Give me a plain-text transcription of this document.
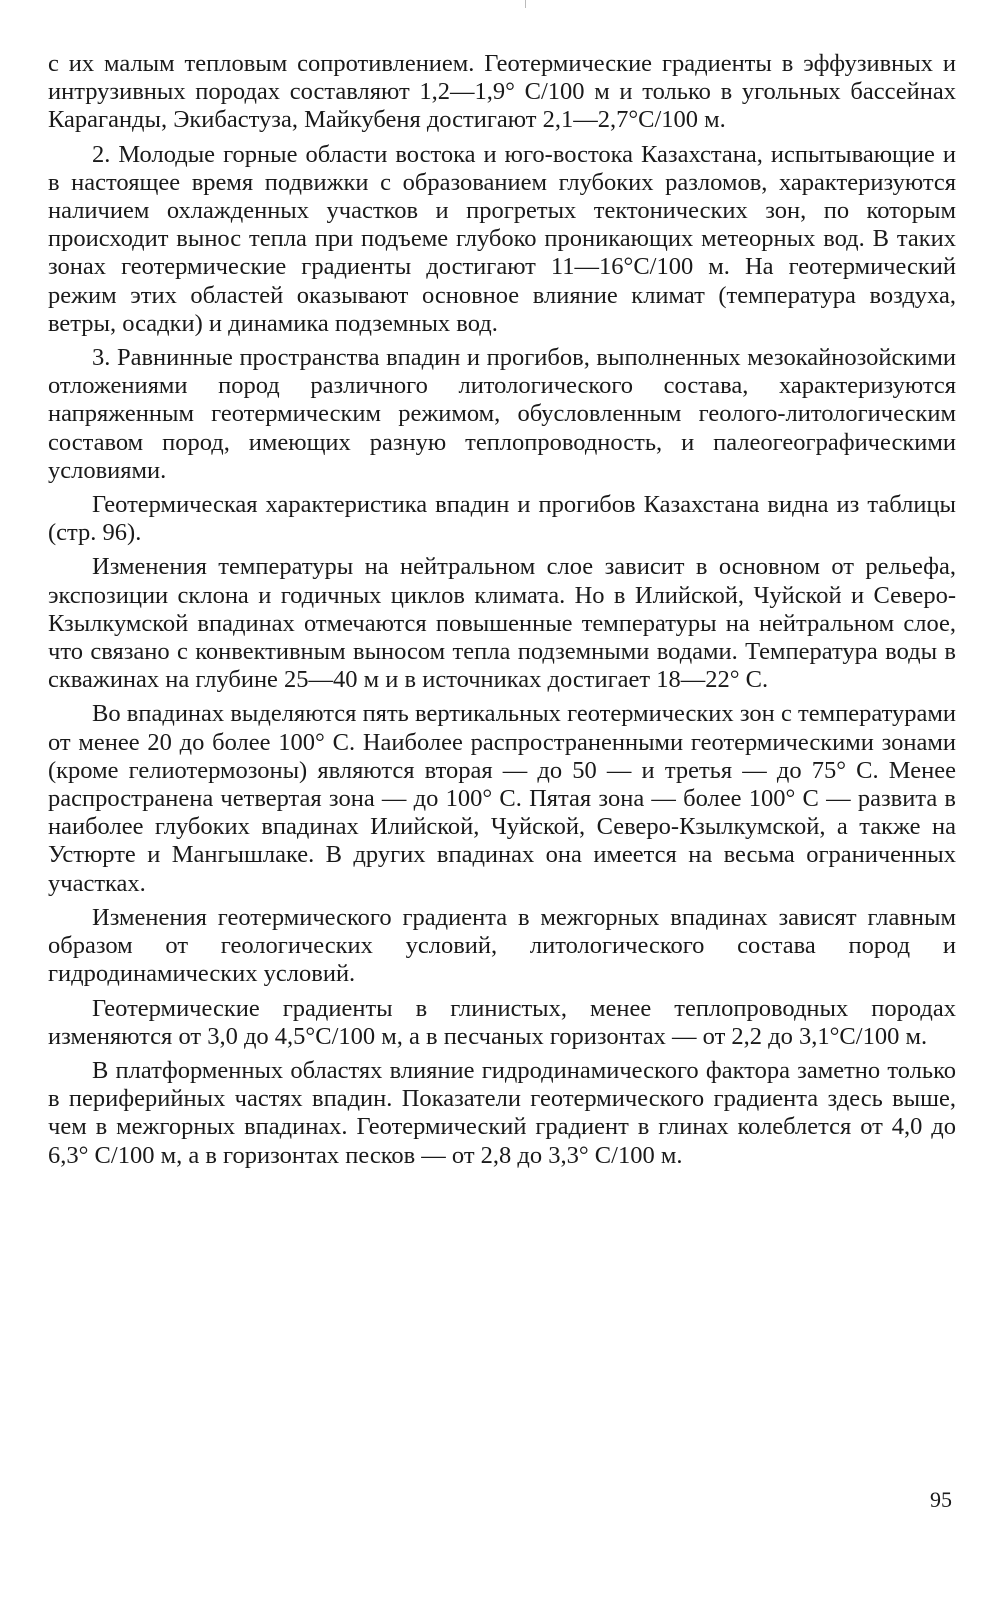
с их малым тепловым сопротивлением. Геотермические градиенты в эффузивных и интрузивных породах составляют 1,2—1,9° С/100 м и только в угольных бассейнах Караганды, Экибастуза, Майкубеня достигают 2,1—2,7°С/100 м.

2. Молодые горные области востока и юго-востока Казахстана, испытывающие и в настоящее время подвижки с образованием глубоких разломов, характеризуются наличием охлажденных участков и прогретых тектонических зон, по которым происходит вынос тепла при подъеме глубоко проникающих метеорных вод. В таких зонах геотермические градиенты достигают 11—16°С/100 м. На геотермический режим этих областей оказывают основное влияние климат (температура воздуха, ветры, осадки) и динамика подземных вод.

3. Равнинные пространства впадин и прогибов, выполненных мезокайнозойскими отложениями пород различного литологического состава, характеризуются напряженным геотермическим режимом, обусловленным геолого-литологическим составом пород, имеющих разную теплопроводность, и палеогеографическими условиями.

Геотермическая характеристика впадин и прогибов Казахстана видна из таблицы (стр. 96).

Изменения температуры на нейтральном слое зависит в основном от рельефа, экспозиции склона и годичных циклов климата. Но в Илийской, Чуйской и Северо-Кзылкумской впадинах отмечаются повышенные температуры на нейтральном слое, что связано с конвективным выносом тепла подземными водами. Температура воды в скважинах на глубине 25—40 м и в источниках достигает 18—22° С.

Во впадинах выделяются пять вертикальных геотермических зон с температурами от менее 20 до более 100° С. Наиболее распространенными геотермическими зонами (кроме гелиотермозоны) являются вторая — до 50 — и третья — до 75° С. Менее распространена четвертая зона — до 100° С. Пятая зона — более 100° С — развита в наиболее глубоких впадинах Илийской, Чуйской, Северо-Кзылкумской, а также на Устюрте и Мангышлаке. В других впадинах она имеется на весьма ограниченных участках.

Изменения геотермического градиента в межгорных впадинах зависят главным образом от геологических условий, литологического состава пород и гидродинамических условий.

Геотермические градиенты в глинистых, менее теплопроводных породах изменяются от 3,0 до 4,5°С/100 м, а в песчаных горизонтах — от 2,2 до 3,1°С/100 м.

В платформенных областях влияние гидродинамического фактора заметно только в периферийных частях впадин. Показатели геотермического градиента здесь выше, чем в межгорных впадинах. Геотермический градиент в глинах колеблется от 4,0 до 6,3° С/100 м, а в горизонтах песков — от 2,8 до 3,3° С/100 м.

95
